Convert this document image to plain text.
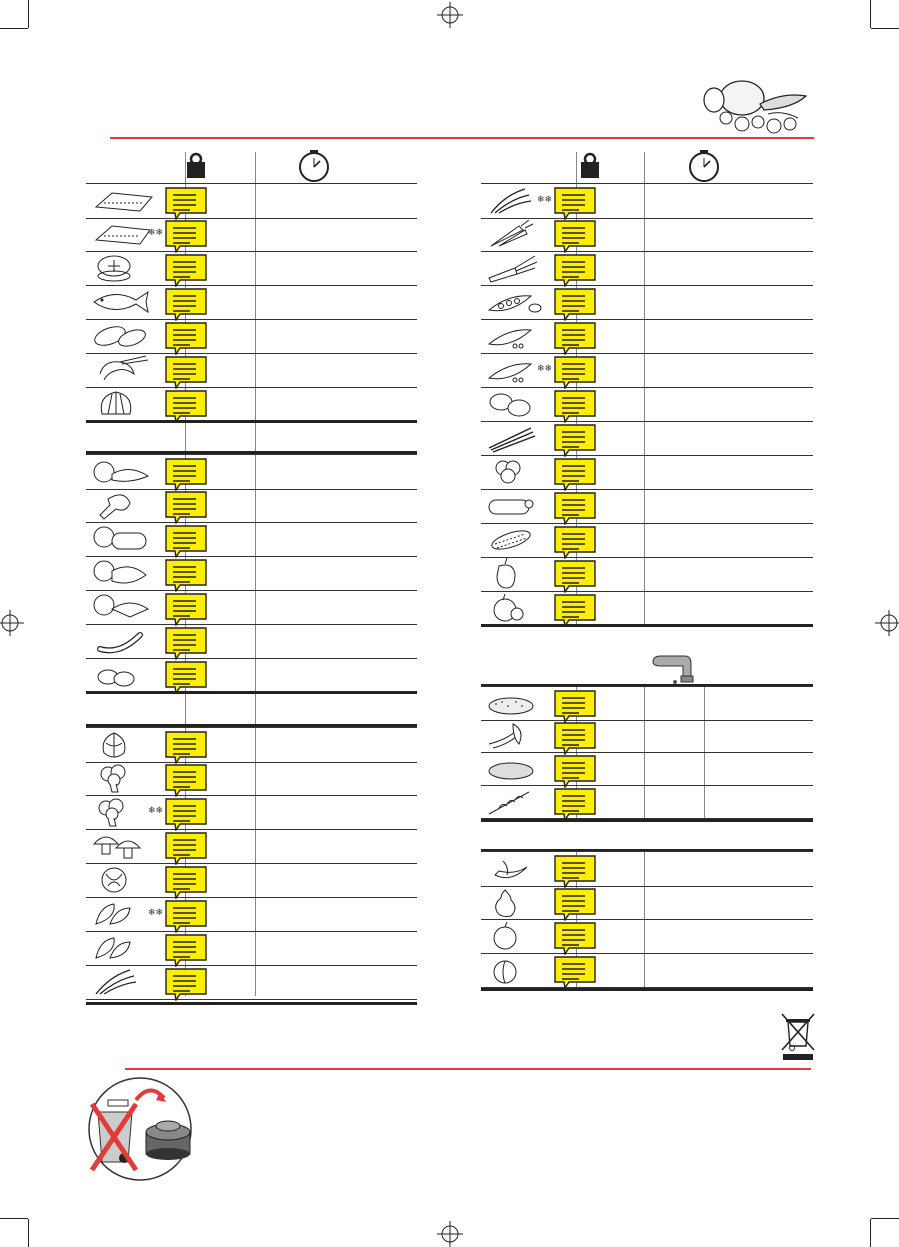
❄❄
❄❄
❄❄
❄❄
❄❄
